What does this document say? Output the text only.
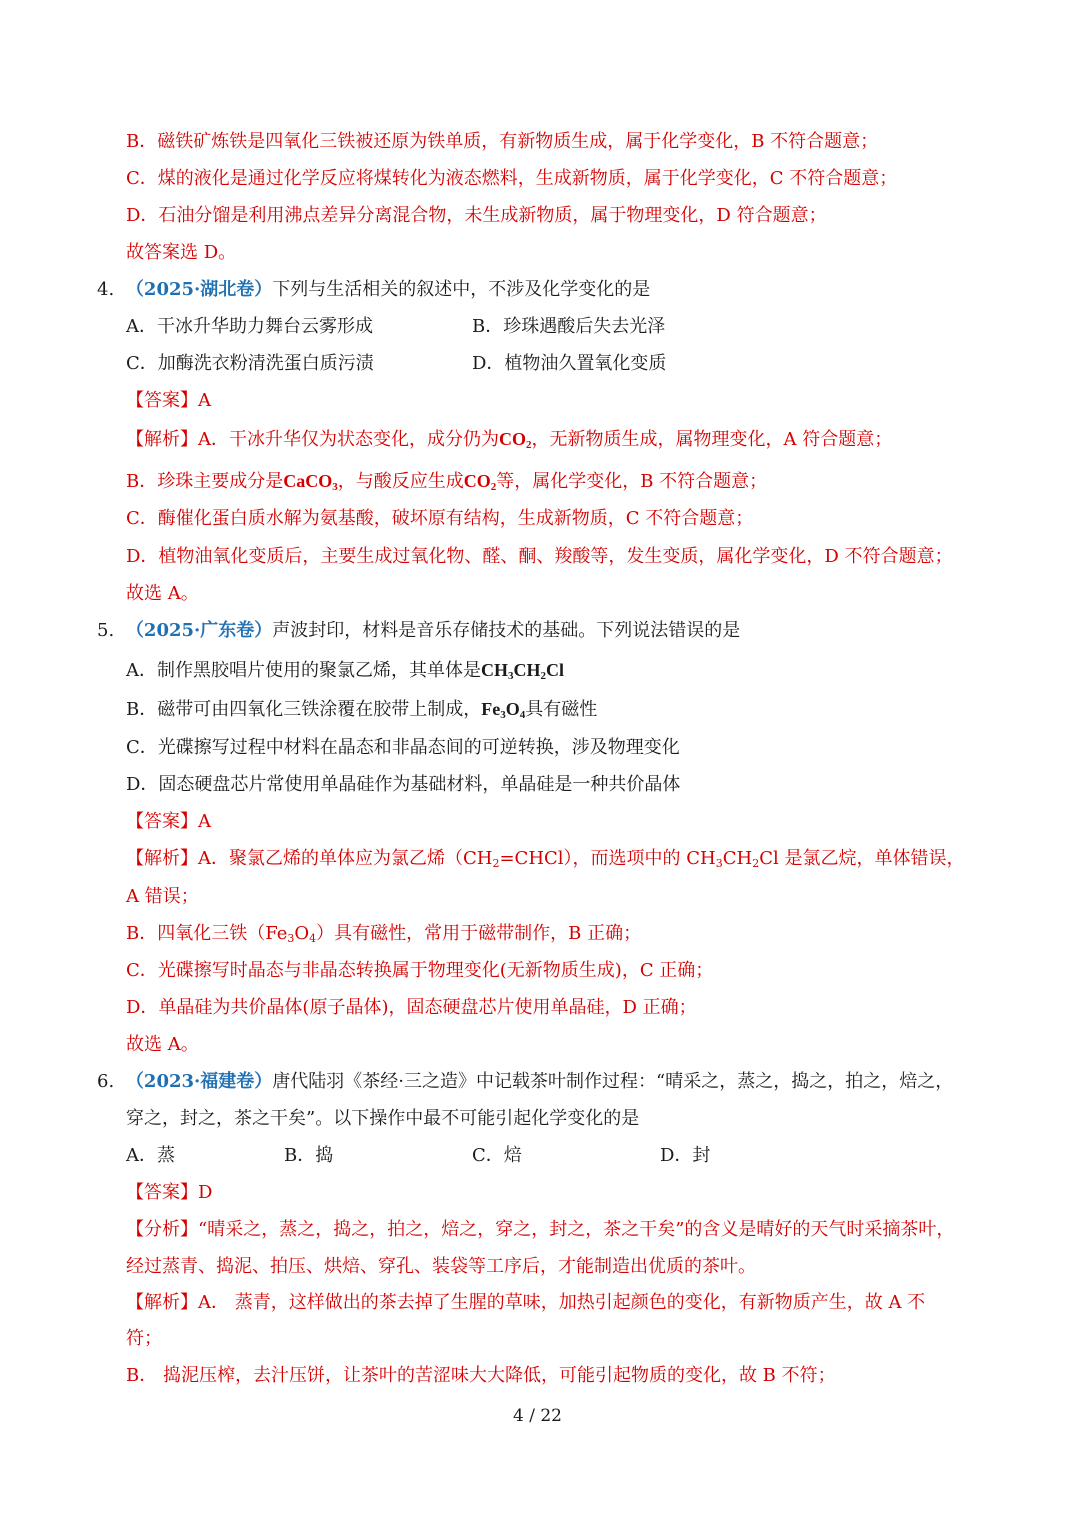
B．磁铁矿炼铁是四氧化三铁被还原为铁单质，有新物质生成，属于化学变化，B 不符合题意；
C．煤的液化是通过化学反应将煤转化为液态燃料，生成新物质，属于化学变化，C 不符合题意；
D．石油分馏是利用沸点差异分离混合物，未生成新物质，属于物理变化，D 符合题意；
故答案选 D。
4. （2025·湖北卷）下列与生活相关的叙述中，不涉及化学变化的是
A．干冰升华助力舞台云雾形成	B．珍珠遇酸后失去光泽
C．加酶洗衣粉清洗蛋白质污渍	D．植物油久置氧化变质
【答案】A
【解析】A．干冰升华仅为状态变化，成分仍为$CO_2$，无新物质生成，属物理变化，A 符合题意；
B．珍珠主要成分是CaCO$_3$，与酸反应生成$CO_2$等，属化学变化，B 不符合题意；
C．酶催化蛋白质水解为氨基酸，破坏原有结构，生成新物质，C 不符合题意；
D．植物油氧化变质后，主要生成过氧化物、醛、酮、羧酸等，发生变质，属化学变化，D 不符合题意；
故选 A。
5. （2025·广东卷）声波封印，材料是音乐存储技术的基础。下列说法错误的是
A．制作黑胶唱片使用的聚氯乙烯，其单体是$CH_3CH_2Cl$
B．磁带可由四氧化三铁涂覆在胶带上制成，$Fe_3O_4$具有磁性
C．光碟擦写过程中材料在晶态和非晶态间的可逆转换，涉及物理变化
D．固态硬盘芯片常使用单晶硅作为基础材料，单晶硅是一种共价晶体
【答案】A
【解析】A．聚氯乙烯的单体应为氯乙烯$(CH_2=CHCl)$，而选项中的 $CH_3CH_2Cl$ 是氯乙烷，单体错误，
A 错误；
B．四氧化三铁$(Fe_3O_4)$具有磁性，常用于磁带制作，B 正确；
C．光碟擦写时晶态与非晶态转换属于物理变化(无新物质生成)，C 正确；
D．单晶硅为共价晶体(原子晶体)，固态硬盘芯片使用单晶硅，D 正确；
故选 A。
6. （2023·福建卷）唐代陆羽《茶经·三之造》中记载茶叶制作过程：“晴采之，蒸之，捣之，拍之，焙之，
穿之，封之，茶之干矣”。以下操作中最不可能引起化学变化的是
A．蒸	B．捣	C．焙	D．封
【答案】D
【分析】“晴采之，蒸之，捣之，拍之，焙之，穿之，封之，茶之干矣”的含义是晴好的天气时采摘茶叶，
经过蒸青、捣泥、拍压、烘焙、穿孔、装袋等工序后，才能制造出优质的茶叶。
【解析】A． 蒸青，这样做出的茶去掉了生腥的草味，加热引起颜色的变化，有新物质产生，故 A 不
符；
B． 捣泥压榨，去汁压饼，让茶叶的苦涩味大大降低，可能引起物质的变化，故 B 不符；
4 / 22
